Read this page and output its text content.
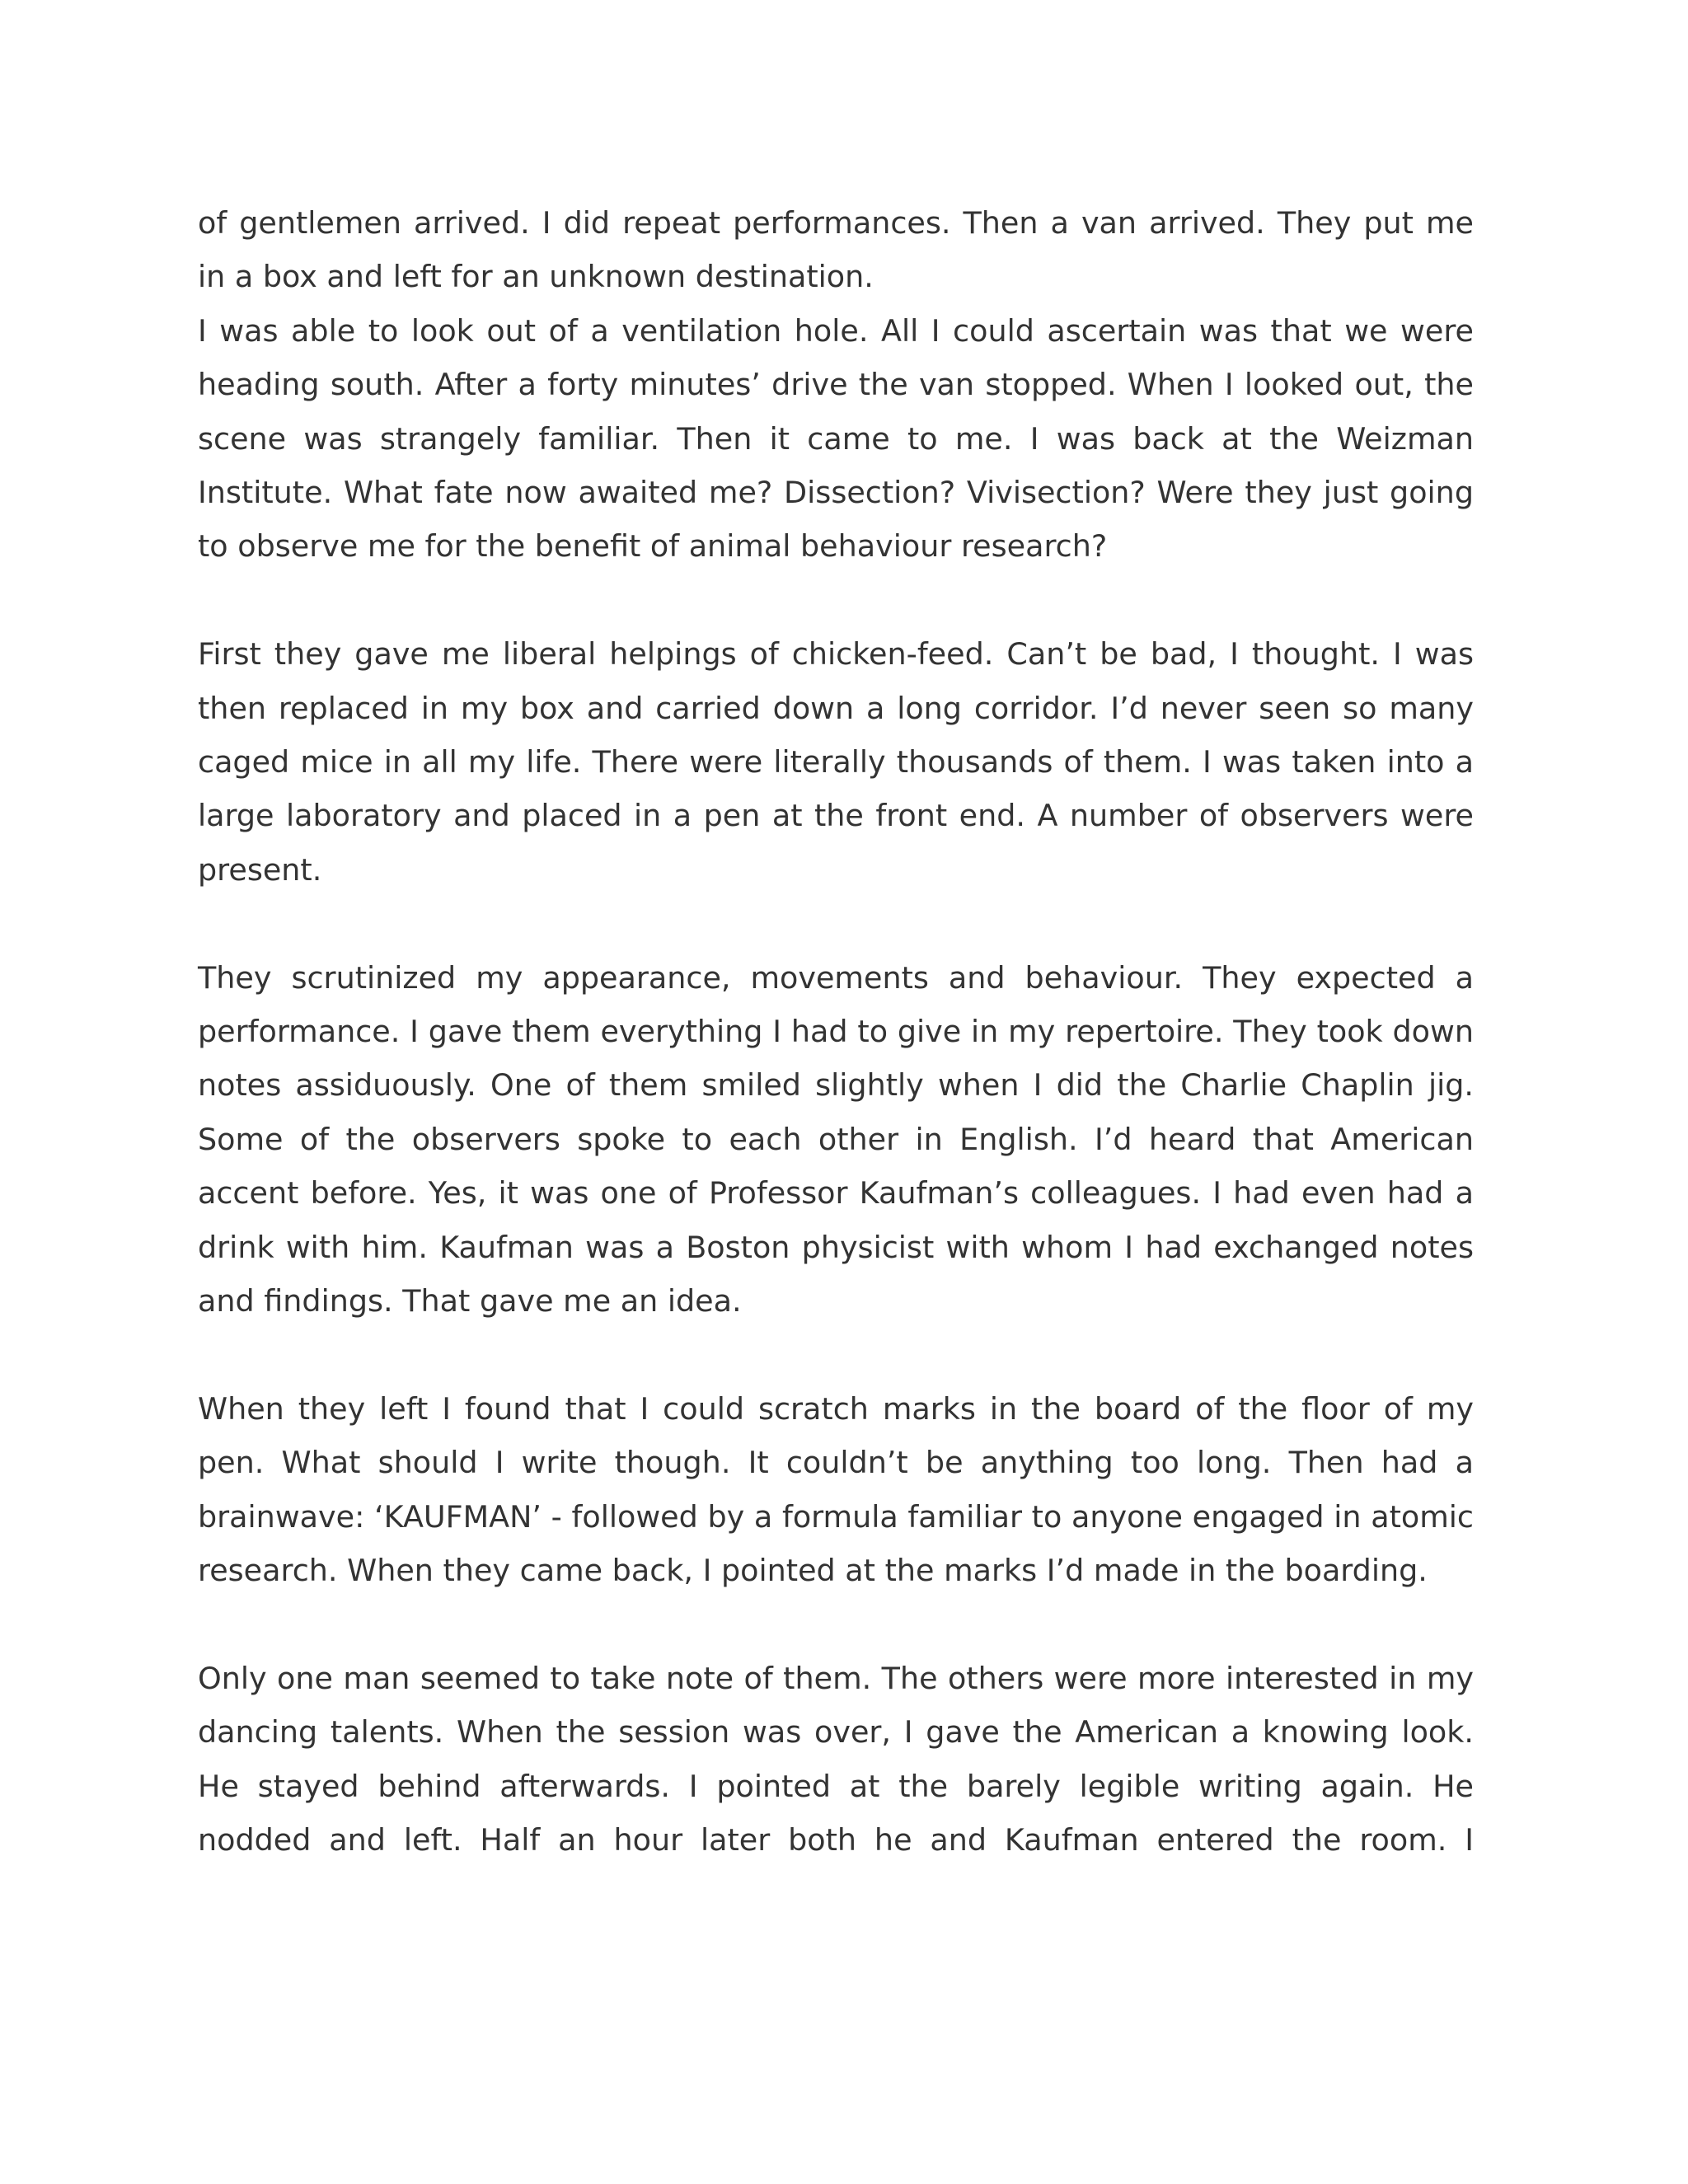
of gentlemen arrived. I did repeat performances. Then a van arrived. They put me in a box and left for an unknown destination.

I was able to look out of a ventilation hole. All I could ascertain was that we were heading south. After a forty minutes’ drive the van stopped. When I looked out, the scene was strangely familiar. Then it came to me. I was back at the Weizman Institute. What fate now awaited me? Dissection? Vivisection? Were they just going to observe me for the benefit of animal behaviour research?

First they gave me liberal helpings of chicken-feed. Can’t be bad, I thought. I was then replaced in my box and carried down a long corridor. I’d never seen so many caged mice in all my life. There were literally thousands of them. I was taken into a large laboratory and placed in a pen at the front end. A number of observers were present.

They scrutinized my appearance, movements and behaviour. They expected a performance. I gave them everything I had to give in my repertoire. They took down notes assiduously. One of them smiled slightly when I did the Charlie Chaplin jig. Some of the observers spoke to each other in English. I’d heard that American accent before. Yes, it was one of Professor Kaufman’s colleagues. I had even had a drink with him. Kaufman was a Boston physicist with whom I had exchanged notes and findings. That gave me an idea.

When they left I found that I could scratch marks in the board of the floor of my pen. What should I write though. It couldn’t be anything too long. Then had a brainwave: ‘KAUFMAN’ - followed by a formula familiar to anyone engaged in atomic research. When they came back, I pointed at the marks I’d made in the boarding.

Only one man seemed to take note of them. The others were more interested in my dancing talents. When the session was over, I gave the American a knowing look. He stayed behind afterwards. I pointed at the barely legible writing again. He nodded and left. Half an hour later both he and Kaufman entered the room. I
